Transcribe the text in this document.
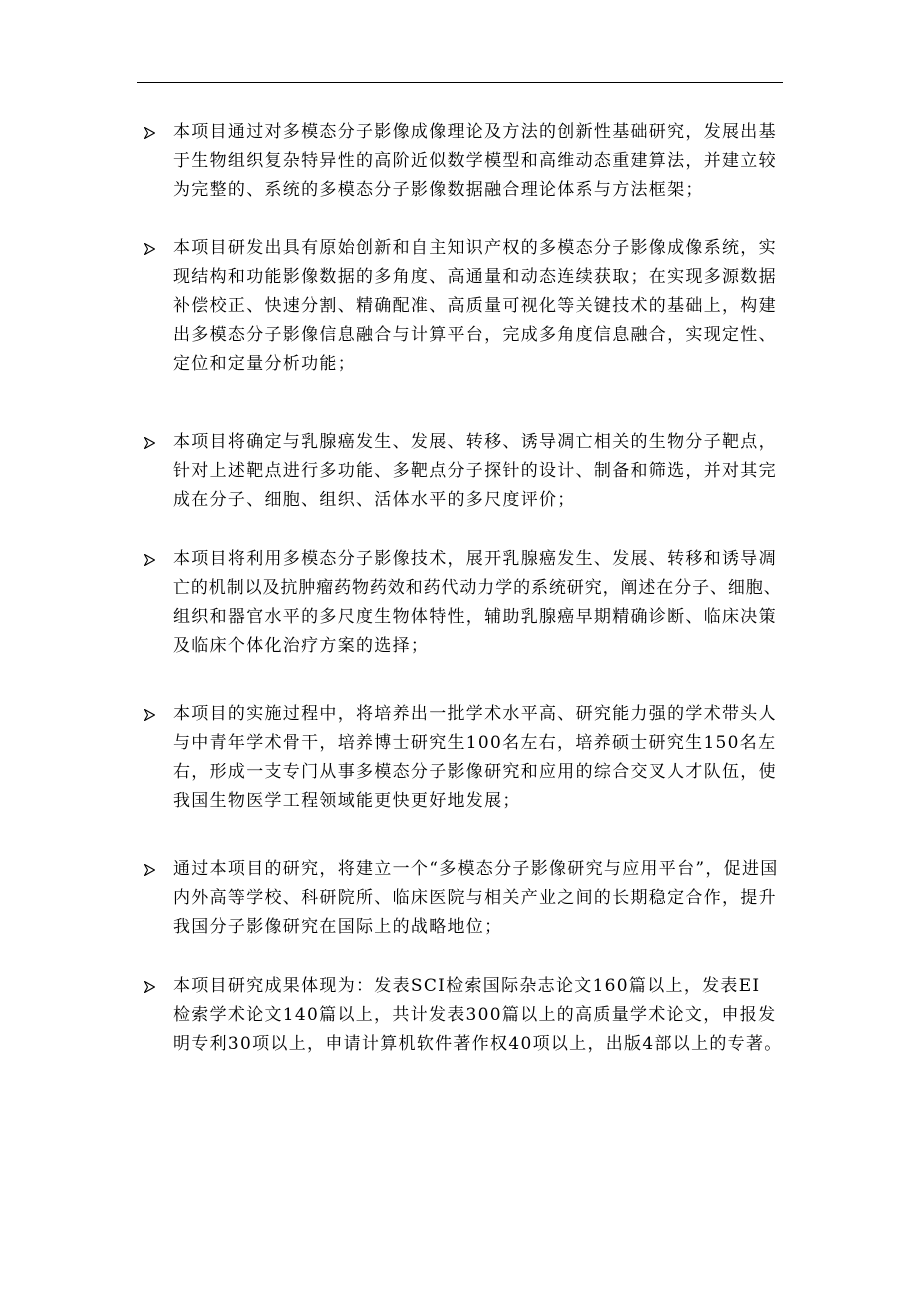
本项目通过对多模态分子影像成像理论及方法的创新性基础研究，发展出基
于生物组织复杂特异性的高阶近似数学模型和高维动态重建算法，并建立较
为完整的、系统的多模态分子影像数据融合理论体系与方法框架；

本项目研发出具有原始创新和自主知识产权的多模态分子影像成像系统，实
现结构和功能影像数据的多角度、高通量和动态连续获取；在实现多源数据
补偿校正、快速分割、精确配准、高质量可视化等关键技术的基础上，构建
出多模态分子影像信息融合与计算平台，完成多角度信息融合，实现定性、
定位和定量分析功能；

本项目将确定与乳腺癌发生、发展、转移、诱导凋亡相关的生物分子靶点，
针对上述靶点进行多功能、多靶点分子探针的设计、制备和筛选，并对其完
成在分子、细胞、组织、活体水平的多尺度评价；

本项目将利用多模态分子影像技术，展开乳腺癌发生、发展、转移和诱导凋
亡的机制以及抗肿瘤药物药效和药代动力学的系统研究，阐述在分子、细胞、
组织和器官水平的多尺度生物体特性，辅助乳腺癌早期精确诊断、临床决策
及临床个体化治疗方案的选择；

本项目的实施过程中，将培养出一批学术水平高、研究能力强的学术带头人
与中青年学术骨干，培养博士研究生100名左右，培养硕士研究生150名左
右，形成一支专门从事多模态分子影像研究和应用的综合交叉人才队伍，使
我国生物医学工程领域能更快更好地发展；

通过本项目的研究，将建立一个“多模态分子影像研究与应用平台”，促进国
内外高等学校、科研院所、临床医院与相关产业之间的长期稳定合作，提升
我国分子影像研究在国际上的战略地位；

本项目研究成果体现为：发表SCI检索国际杂志论文160篇以上，发表EI
检索学术论文140篇以上，共计发表300篇以上的高质量学术论文，申报发
明专利30项以上，申请计算机软件著作权40项以上，出版4部以上的专著。
